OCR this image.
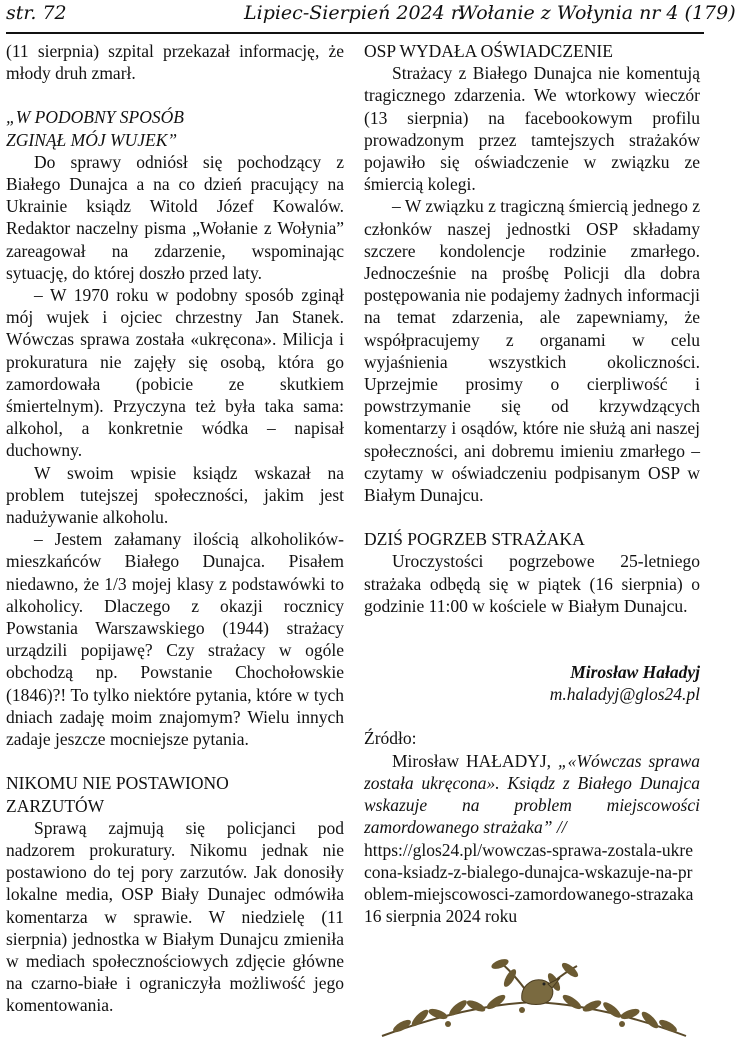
str. 72	Lipiec-Sierpień 2024 r.
Wołanie z Wołynia nr 4 (179)

(11 sierpnia) szpital przekazał informację, że młody druh zmarł.

„W PODOBNY SPOSÓB ZGINĄŁ MÓJ WUJEK”

Do sprawy odniósł się pochodzący z Białego Dunajca a na co dzień pracujący na Ukrainie ksiądz Witold Józef Kowalów. Redaktor naczelny pisma „Wołanie z Wołynia” zareagował na zdarzenie, wspominając sytuację, do której doszło przed laty.

– W 1970 roku w podobny sposób zginął mój wujek i ojciec chrzestny Jan Stanek. Wówczas sprawa została «ukręcona». Milicja i prokuratura nie zajęły się osobą, która go zamordowała (pobicie ze skutkiem śmiertelnym). Przyczyna też była taka sama: alkohol, a konkretnie wódka – napisał duchowny.

W swoim wpisie ksiądz wskazał na problem tutejszej społeczności, jakim jest nadużywanie alkoholu.

– Jestem załamany ilością alkoholików-mieszkańców Białego Dunajca. Pisałem niedawno, że 1/3 mojej klasy z podstawówki to alkoholicy. Dlaczego z okazji rocznicy Powstania Warszawskiego (1944) strażacy urządzili popijawę? Czy strażacy w ogóle obchodzą np. Powstanie Chochołowskie (1846)?! To tylko niektóre pytania, które w tych dniach zadaję moim znajomym? Wielu innych zadaje jeszcze mocniejsze pytania.

NIKOMU NIE POSTAWIONO ZARZUTÓW

Sprawą zajmują się policjanci pod nadzorem prokuratury. Nikomu jednak nie postawiono do tej pory zarzutów. Jak donosiły lokalne media, OSP Biały Dunajec odmówiła komentarza w sprawie. W niedzielę (11 sierpnia) jednostka w Białym Dunajcu zmieniła w mediach społecznościowych zdjęcie główne na czarno-białe i ograniczyła możliwość jego komentowania.

OSP WYDAŁA OŚWIADCZENIE

Strażacy z Białego Dunajca nie komentują tragicznego zdarzenia. We wtorkowy wieczór (13 sierpnia) na facebookowym profilu prowadzonym przez tamtejszych strażaków pojawiło się oświadczenie w związku ze śmiercią kolegi.

– W związku z tragiczną śmiercią jednego z członków naszej jednostki OSP składamy szczere kondolencje rodzinie zmarłego. Jednocześnie na prośbę Policji dla dobra postępowania nie podajemy żadnych informacji na temat zdarzenia, ale zapewniamy, że współpracujemy z organami w celu wyjaśnienia wszystkich okoliczności. Uprzejmie prosimy o cierpliwość i powstrzymanie się od krzywdzących komentarzy i osądów, które nie służą ani naszej społeczności, ani dobremu imieniu zmarłego – czytamy w oświadczeniu podpisanym OSP w Białym Dunajcu.

DZIŚ POGRZEB STRAŻAKA

Uroczystości pogrzebowe 25-letniego strażaka odbędą się w piątek (16 sierpnia) o godzinie 11:00 w kościele w Białym Dunajcu.

Mirosław Haładyj

m.haladyj@glos24.pl

Źródło:

Mirosław HAŁADYJ, „«Wówczas sprawa została ukręcona». Ksiądz z Białego Dunajca wskazuje na problem miejscowości zamordowanego strażaka” //

https://glos24.pl/wowczas-sprawa-zostala-ukrecona-ksiadz-z-bialego-dunajca-wskazuje-na-problem-miejscowosci-zamordowanego-strazaka

16 sierpnia 2024 roku
